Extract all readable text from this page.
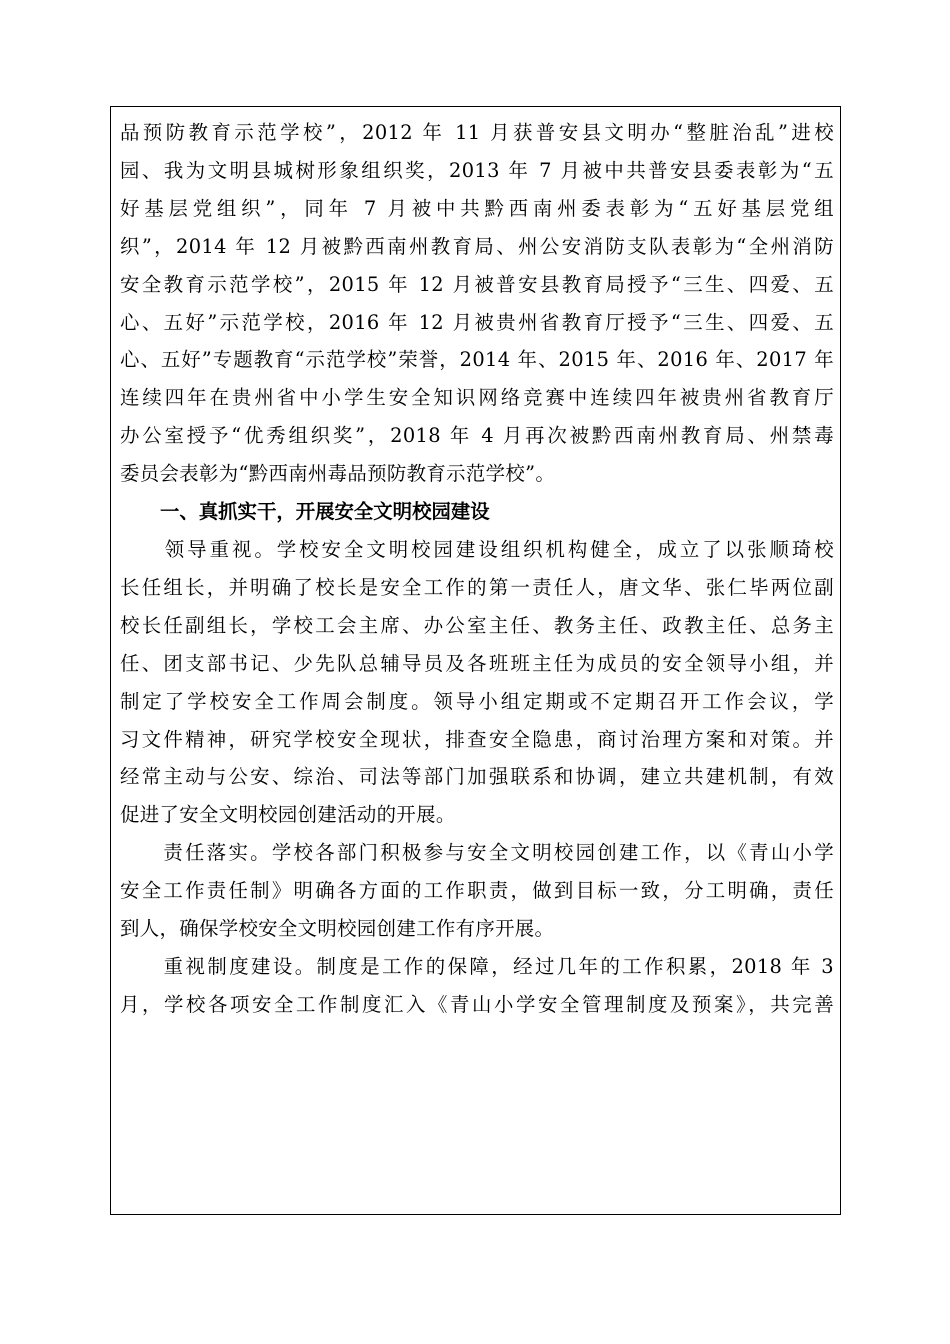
品预防教育示范学校”，2012 年 11 月获普安县文明办“整脏治乱”进校
园、我为文明县城树形象组织奖，2013 年 7 月被中共普安县委表彰为“五
好基层党组织”，同年 7 月被中共黔西南州委表彰为“五好基层党组
织”，2014 年 12 月被黔西南州教育局、州公安消防支队表彰为“全州消防
安全教育示范学校”，2015 年 12 月被普安县教育局授予“三生、四爱、五
心、五好”示范学校，2016 年 12 月被贵州省教育厅授予“三生、四爱、五
心、五好”专题教育“示范学校”荣誉，2014 年、2015 年、2016 年、2017 年
连续四年在贵州省中小学生安全知识网络竞赛中连续四年被贵州省教育厅
办公室授予“优秀组织奖”，2018 年 4 月再次被黔西南州教育局、州禁毒
委员会表彰为“黔西南州毒品预防教育示范学校”。
一、真抓实干，开展安全文明校园建设
　　领导重视。学校安全文明校园建设组织机构健全，成立了以张顺琦校
长任组长，并明确了校长是安全工作的第一责任人，唐文华、张仁毕两位副
校长任副组长，学校工会主席、办公室主任、教务主任、政教主任、总务主
任、团支部书记、少先队总辅导员及各班班主任为成员的安全领导小组，并
制定了学校安全工作周会制度。领导小组定期或不定期召开工作会议，学
习文件精神，研究学校安全现状，排查安全隐患，商讨治理方案和对策。并
经常主动与公安、综治、司法等部门加强联系和协调，建立共建机制，有效
促进了安全文明校园创建活动的开展。
　　责任落实。学校各部门积极参与安全文明校园创建工作，以《青山小学
安全工作责任制》明确各方面的工作职责，做到目标一致，分工明确，责任
到人，确保学校安全文明校园创建工作有序开展。
　　重视制度建设。制度是工作的保障，经过几年的工作积累，2018 年 3
月，学校各项安全工作制度汇入《青山小学安全管理制度及预案》，共完善
